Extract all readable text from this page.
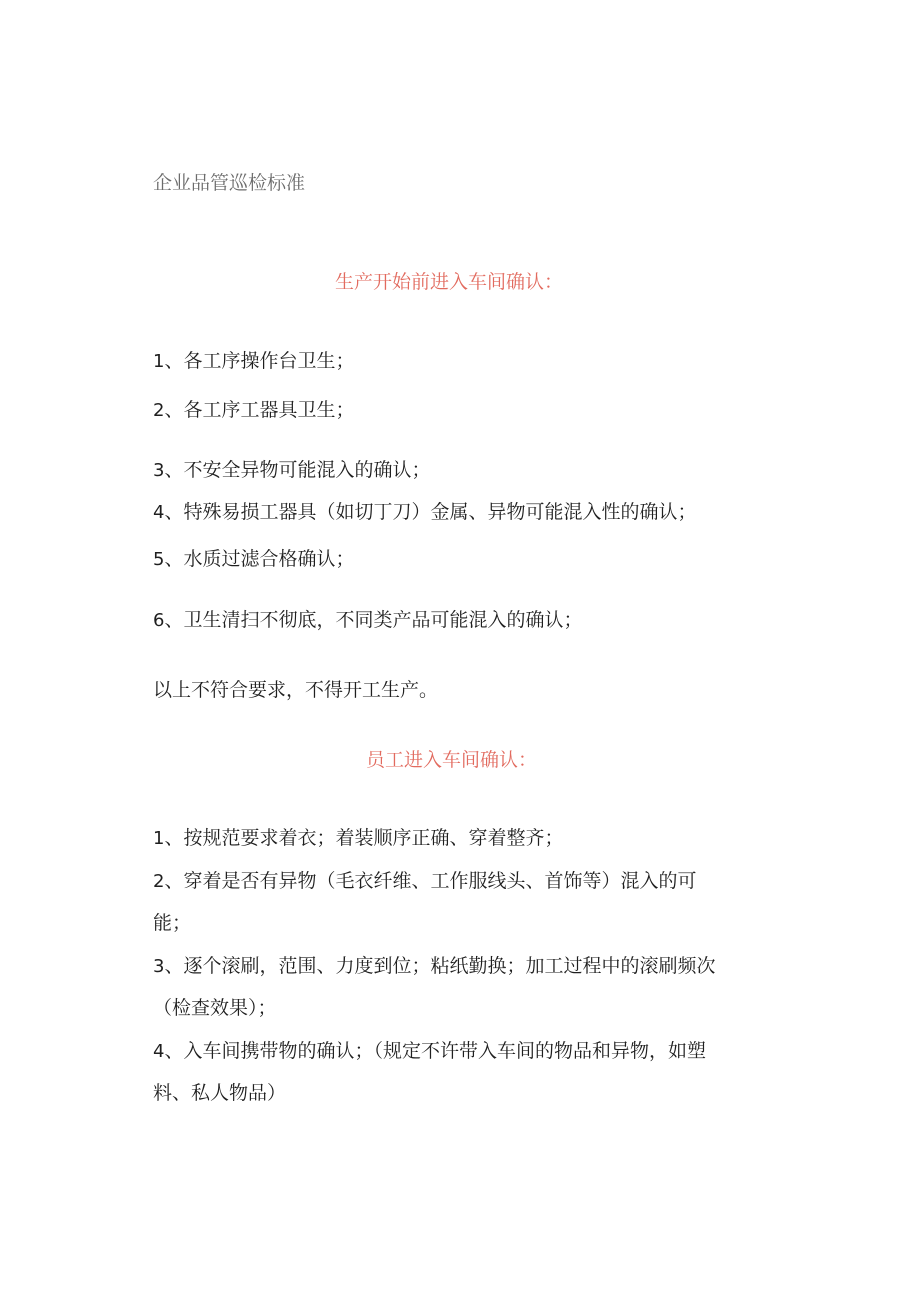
企业品管巡检标准
生产开始前进入车间确认：
1、各工序操作台卫生；
2、各工序工器具卫生；
3、不安全异物可能混入的确认；
4、特殊易损工器具（如切丁刀）金属、异物可能混入性的确认；
5、水质过滤合格确认；
6、卫生清扫不彻底，不同类产品可能混入的确认；
以上不符合要求，不得开工生产。
员工进入车间确认：
1、按规范要求着衣；着装顺序正确、穿着整齐；
2、穿着是否有异物（毛衣纤维、工作服线头、首饰等）混入的可
能；
3、逐个滚刷，范围、力度到位；粘纸勤换；加工过程中的滚刷频次
（检查效果）；
4、入车间携带物的确认；（规定不许带入车间的物品和异物，如塑
料、私人物品）
